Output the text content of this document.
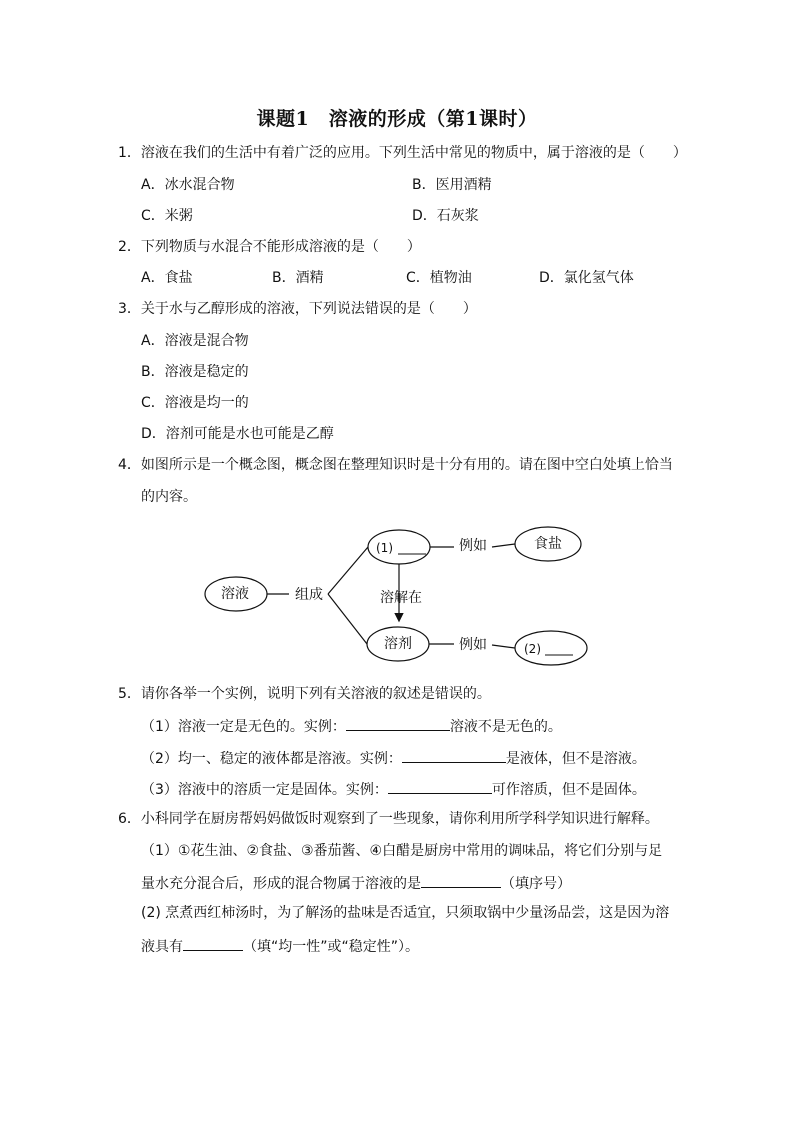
课题1　溶液的形成（第1课时）
1．溶液在我们的生活中有着广泛的应用。下列生活中常见的物质中，属于溶液的是（　　）
A．冰水混合物	B．医用酒精
C．米粥	D．石灰浆
2．下列物质与水混合不能形成溶液的是（　　）
A．食盐	B．酒精	C．植物油	D．氯化氢气体
3．关于水与乙醇形成的溶液，下列说法错误的是（　　）
A．溶液是混合物
B．溶液是稳定的
C．溶液是均一的
D．溶剂可能是水也可能是乙醇
4．如图所示是一个概念图，概念图在整理知识时是十分有用的。请在图中空白处填上恰当
的内容。
溶液	组成
(1)	例如	食盐
溶解在
溶剂	例如	(2)
5．请你各举一个实例，说明下列有关溶液的叙述是错误的。
（1）溶液一定是无色的。实例：	溶液不是无色的。
（2）均一、稳定的液体都是溶液。实例：	是液体，但不是溶液。
（3）溶液中的溶质一定是固体。实例：	可作溶质，但不是固体。
6．小科同学在厨房帮妈妈做饭时观察到了一些现象，请你利用所学科学知识进行解释。
（1）①花生油、②食盐、③番茄酱、④白醋是厨房中常用的调味品，将它们分别与足
量水充分混合后，形成的混合物属于溶液的是	（填序号）
(2) 烹煮西红柿汤时，为了解汤的盐味是否适宜，只须取锅中少量汤品尝，这是因为溶
液具有	（填“均一性”或“稳定性”）。
